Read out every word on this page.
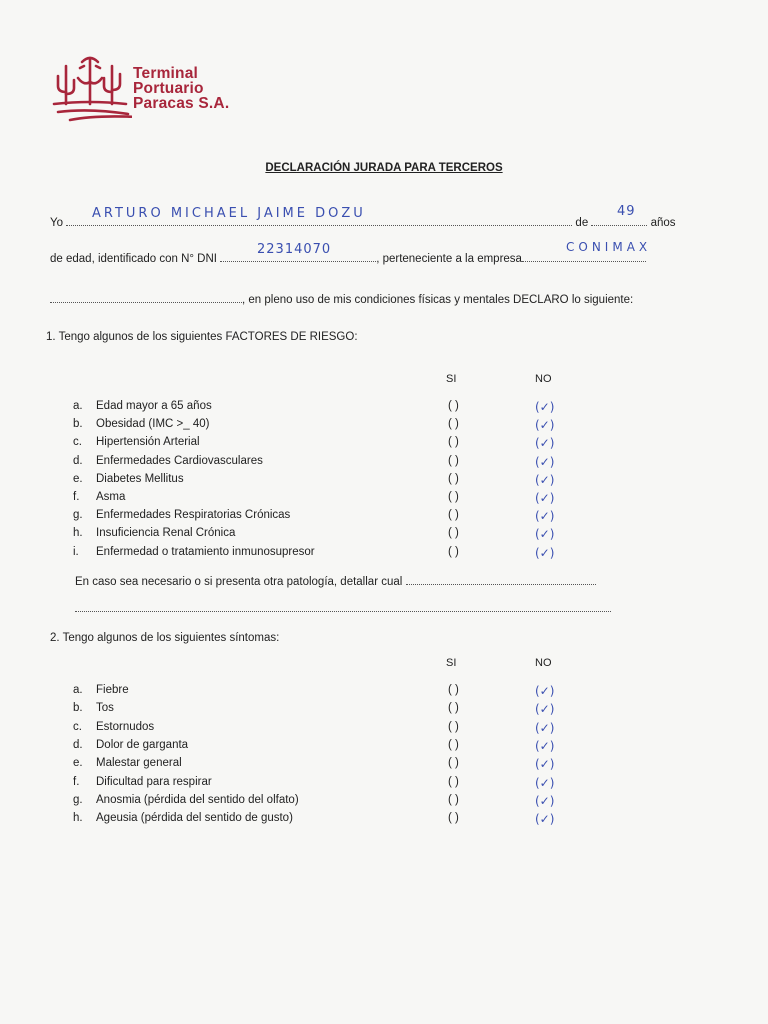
Terminal
Portuario
Paracas S.A.
DECLARACIÓN JURADA PARA TERCEROS
Yo	de	años
ARTURO MICHAEL JAIME DOZU	49
de edad, identificado con N° DNI	, perteneciente a la empresa
22314070	CONIMAX
, en pleno uso de mis condiciones físicas y mentales DECLARO lo siguiente:
1. Tengo algunos de los siguientes FACTORES DE RIESGO:
SI	NO
a.	Edad mayor a 65 años	( )	(✓)
b.	Obesidad (IMC >_ 40)	( )	(✓)
c.	Hipertensión Arterial	( )	(✓)
d.	Enfermedades Cardiovasculares	( )	(✓)
e.	Diabetes Mellitus	( )	(✓)
f.	Asma	( )	(✓)
g.	Enfermedades Respiratorias Crónicas	( )	(✓)
h.	Insuficiencia Renal Crónica	( )	(✓)
i.	Enfermedad o tratamiento inmunosupresor	( )	(✓)
En caso sea necesario o si presenta otra patología, detallar cual
2. Tengo algunos de los siguientes síntomas:
SI	NO
a.	Fiebre	( )	(✓)
b.	Tos	( )	(✓)
c.	Estornudos	( )	(✓)
d.	Dolor de garganta	( )	(✓)
e.	Malestar general	( )	(✓)
f.	Dificultad para respirar	( )	(✓)
g.	Anosmia (pérdida del sentido del olfato)	( )	(✓)
h.	Ageusia (pérdida del sentido de gusto)	( )	(✓)
